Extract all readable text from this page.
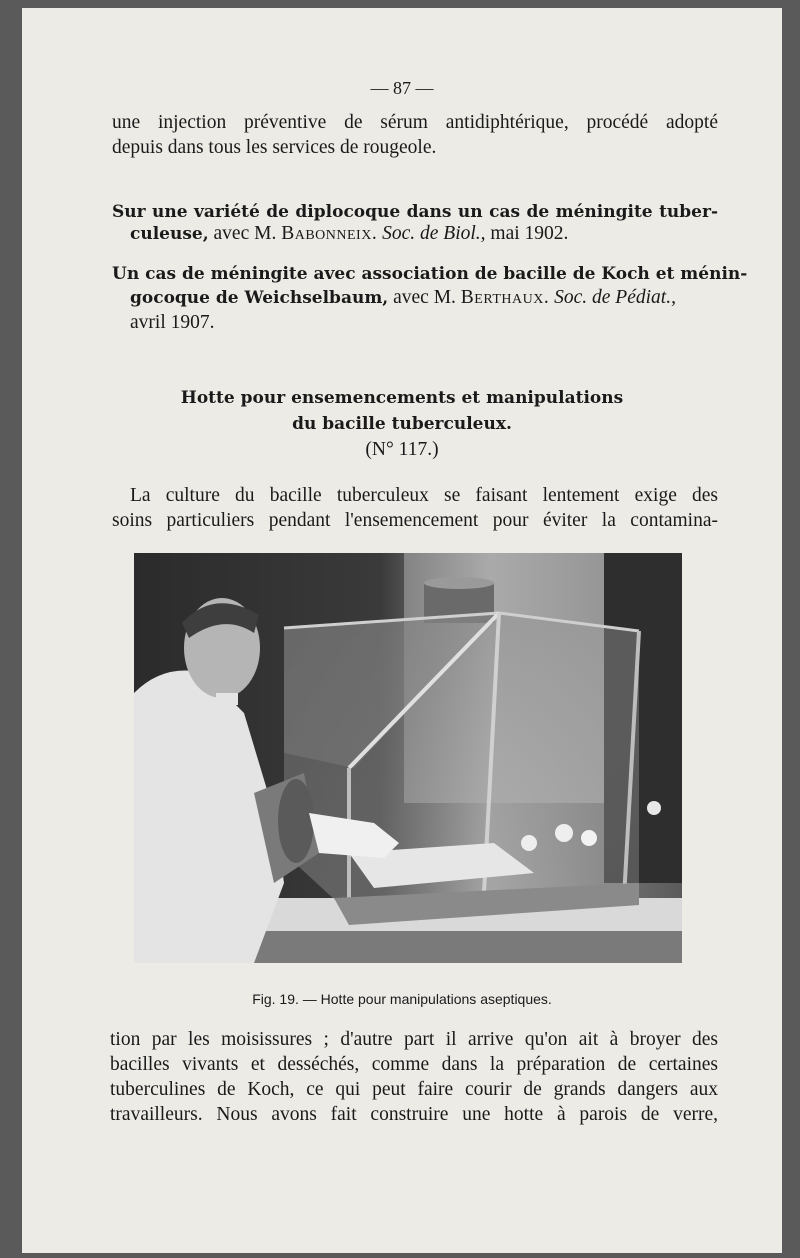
— 87 —
une injection préventive de sérum antidiphtérique, procédé adopté
depuis dans tous les services de rougeole.
Sur une variété de diplocoque dans un cas de méningite tuber-
culeuse, avec M. Babonneix. Soc. de Biol., mai 1902.
Un cas de méningite avec association de bacille de Koch et ménin-
gocoque de Weichselbaum, avec M. Berthaux. Soc. de Pédiat.,
avril 1907.
Hotte pour ensemencements et manipulations
du bacille tuberculeux.
(N° 117.)
La culture du bacille tuberculeux se faisant lentement exige des
soins particuliers pendant l'ensemencement pour éviter la contamina-
Fig. 19. — Hotte pour manipulations aseptiques.
tion par les moisissures ; d'autre part il arrive qu'on ait à broyer des
bacilles vivants et desséchés, comme dans la préparation de certaines
tuberculines de Koch, ce qui peut faire courir de grands dangers aux
travailleurs. Nous avons fait construire une hotte à parois de verre,
